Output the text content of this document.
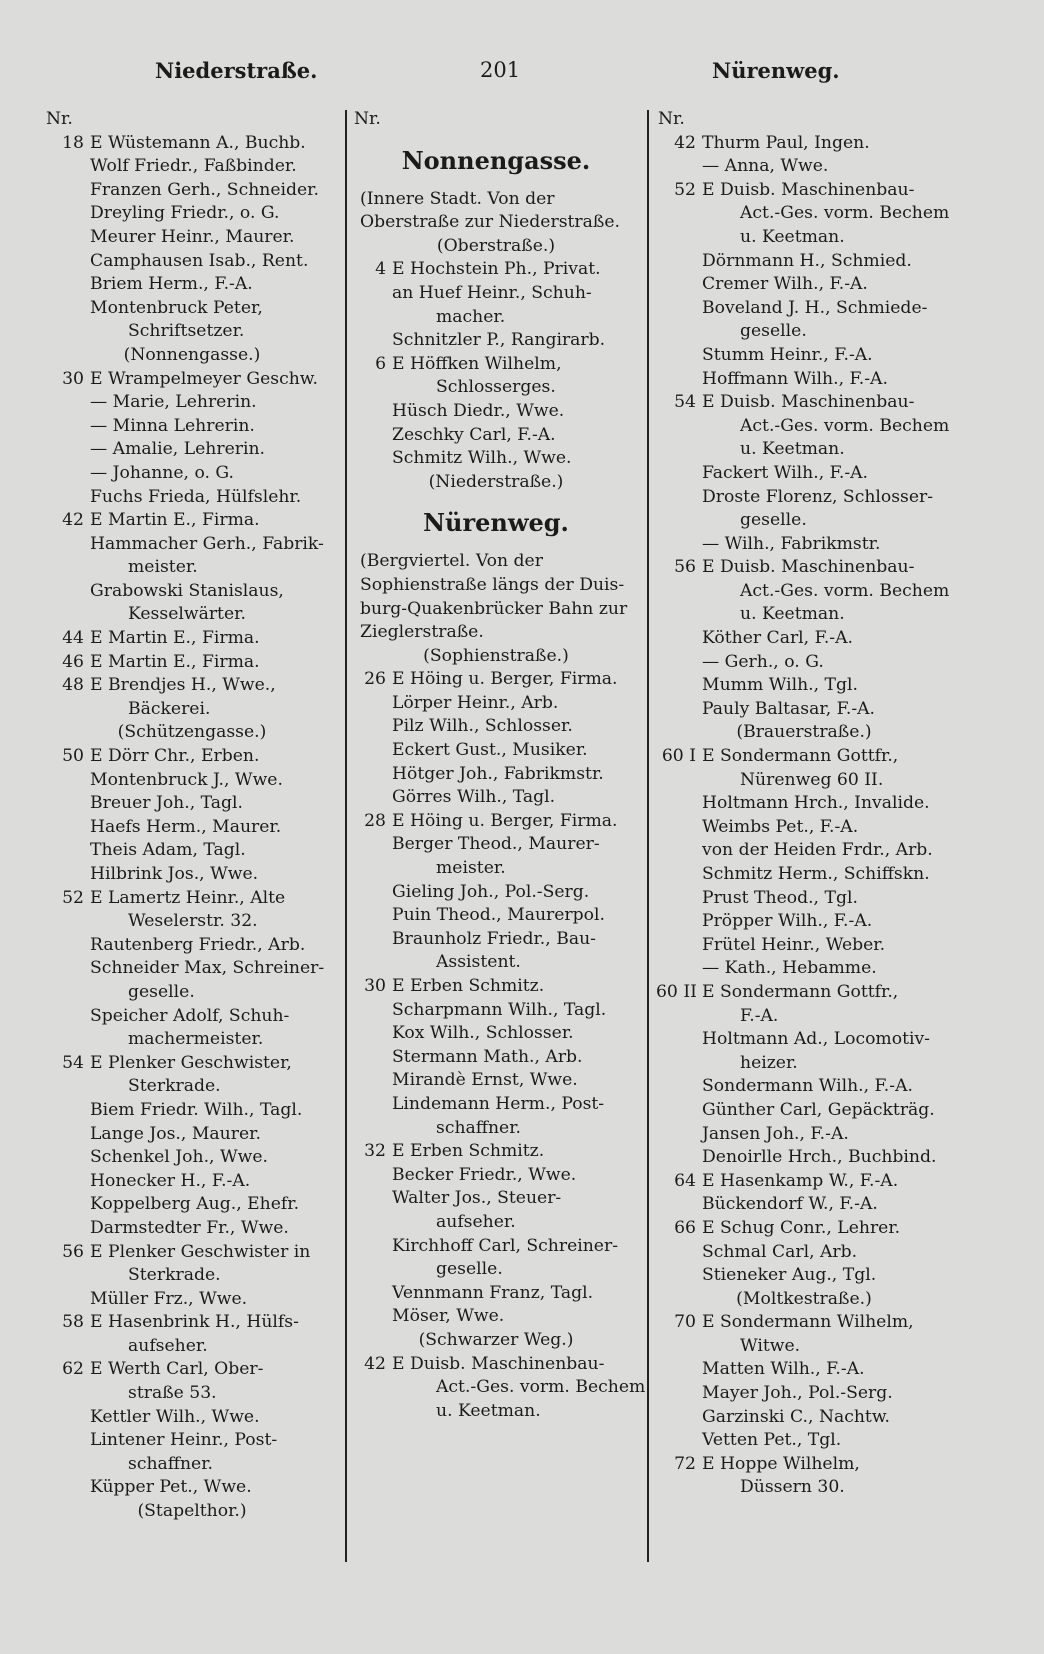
Niederstraße.	201	Nürenweg.
Nr.
18 E Wüstemann A., Buchb.
Wolf Friedr., Faßbinder.
Franzen Gerh., Schneider.
Dreyling Friedr., o. G.
Meurer Heinr., Maurer.
Camphausen Isab., Rent.
Briem Herm., F.-A.
Montenbruck Peter,
Schriftsetzer.
(Nonnengasse.)
30 E Wrampelmeyer Geschw.
— Marie, Lehrerin.
— Minna Lehrerin.
— Amalie, Lehrerin.
— Johanne, o. G.
Fuchs Frieda, Hülfslehr.
42 E Martin E., Firma.
Hammacher Gerh., Fabrik-
meister.
Grabowski Stanislaus,
Kesselwärter.
44 E Martin E., Firma.
46 E Martin E., Firma.
48 E Brendjes H., Wwe.,
Bäckerei.
(Schützengasse.)
50 E Dörr Chr., Erben.
Montenbruck J., Wwe.
Breuer Joh., Tagl.
Haefs Herm., Maurer.
Theis Adam, Tagl.
Hilbrink Jos., Wwe.
52 E Lamertz Heinr., Alte
Weselerstr. 32.
Rautenberg Friedr., Arb.
Schneider Max, Schreiner-
geselle.
Speicher Adolf, Schuh-
machermeister.
54 E Plenker Geschwister,
Sterkrade.
Biem Friedr. Wilh., Tagl.
Lange Jos., Maurer.
Schenkel Joh., Wwe.
Honecker H., F.-A.
Koppelberg Aug., Ehefr.
Darmstedter Fr., Wwe.
56 E Plenker Geschwister in
Sterkrade.
Müller Frz., Wwe.
58 E Hasenbrink H., Hülfs-
aufseher.
62 E Werth Carl, Ober-
straße 53.
Kettler Wilh., Wwe.
Lintener Heinr., Post-
schaffner.
Küpper Pet., Wwe.
(Stapelthor.)
Nr.
Nonnengasse.
(Innere Stadt. Von der
Oberstraße zur Niederstraße.
(Oberstraße.)
4 E Hochstein Ph., Privat.
an Huef Heinr., Schuh-
macher.
Schnitzler P., Rangirarb.
6 E Höffken Wilhelm,
Schlosserges.
Hüsch Diedr., Wwe.
Zeschky Carl, F.-A.
Schmitz Wilh., Wwe.
(Niederstraße.)
Nürenweg.
(Bergviertel. Von der
Sophienstraße längs der Duis-
burg-Quakenbrücker Bahn zur
Zieglerstraße.
(Sophienstraße.)
26 E Höing u. Berger, Firma.
Lörper Heinr., Arb.
Pilz Wilh., Schlosser.
Eckert Gust., Musiker.
Hötger Joh., Fabrikmstr.
Görres Wilh., Tagl.
28 E Höing u. Berger, Firma.
Berger Theod., Maurer-
meister.
Gieling Joh., Pol.-Serg.
Puin Theod., Maurerpol.
Braunholz Friedr., Bau-
Assistent.
30 E Erben Schmitz.
Scharpmann Wilh., Tagl.
Kox Wilh., Schlosser.
Stermann Math., Arb.
Mirandè Ernst, Wwe.
Lindemann Herm., Post-
schaffner.
32 E Erben Schmitz.
Becker Friedr., Wwe.
Walter Jos., Steuer-
aufseher.
Kirchhoff Carl, Schreiner-
geselle.
Vennmann Franz, Tagl.
Möser, Wwe.
(Schwarzer Weg.)
42 E Duisb. Maschinenbau-
Act.-Ges. vorm. Bechem
u. Keetman.
Nr.
42 Thurm Paul, Ingen.
— Anna, Wwe.
52 E Duisb. Maschinenbau-
Act.-Ges. vorm. Bechem
u. Keetman.
Dörnmann H., Schmied.
Cremer Wilh., F.-A.
Boveland J. H., Schmiede-
geselle.
Stumm Heinr., F.-A.
Hoffmann Wilh., F.-A.
54 E Duisb. Maschinenbau-
Act.-Ges. vorm. Bechem
u. Keetman.
Fackert Wilh., F.-A.
Droste Florenz, Schlosser-
geselle.
— Wilh., Fabrikmstr.
56 E Duisb. Maschinenbau-
Act.-Ges. vorm. Bechem
u. Keetman.
Köther Carl, F.-A.
— Gerh., o. G.
Mumm Wilh., Tgl.
Pauly Baltasar, F.-A.
(Brauerstraße.)
60 I E Sondermann Gottfr.,
Nürenweg 60 II.
Holtmann Hrch., Invalide.
Weimbs Pet., F.-A.
von der Heiden Frdr., Arb.
Schmitz Herm., Schiffskn.
Prust Theod., Tgl.
Pröpper Wilh., F.-A.
Frütel Heinr., Weber.
— Kath., Hebamme.
60 II E Sondermann Gottfr.,
F.-A.
Holtmann Ad., Locomotiv-
heizer.
Sondermann Wilh., F.-A.
Günther Carl, Gepäckträg.
Jansen Joh., F.-A.
Denoirlle Hrch., Buchbind.
64 E Hasenkamp W., F.-A.
Bückendorf W., F.-A.
66 E Schug Conr., Lehrer.
Schmal Carl, Arb.
Stieneker Aug., Tgl.
(Moltkestraße.)
70 E Sondermann Wilhelm,
Witwe.
Matten Wilh., F.-A.
Mayer Joh., Pol.-Serg.
Garzinski C., Nachtw.
Vetten Pet., Tgl.
72 E Hoppe Wilhelm,
Düssern 30.
